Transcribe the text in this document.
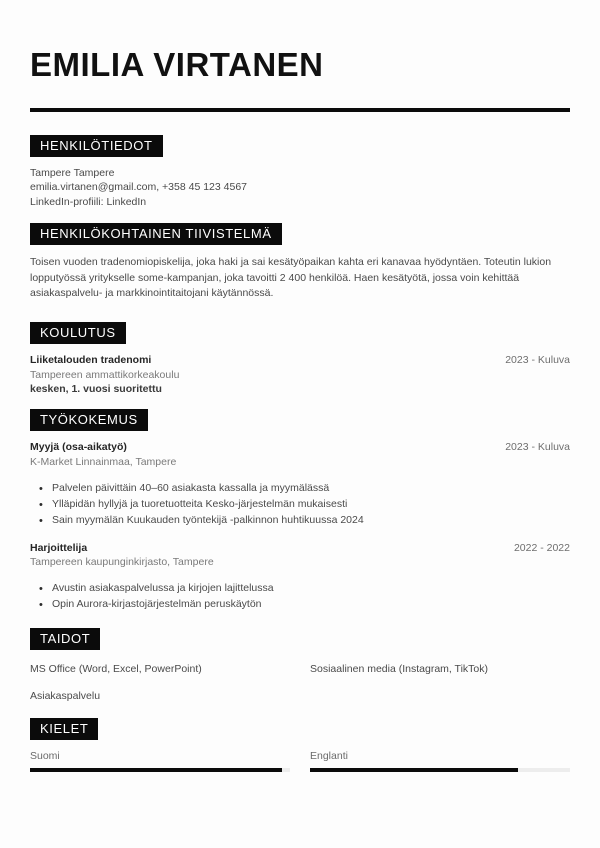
EMILIA VIRTANEN
HENKILÖTIEDOT
Tampere Tampere
emilia.virtanen@gmail.com, +358 45 123 4567
LinkedIn-profiili: LinkedIn
HENKILÖKOHTAINEN TIIVISTELMÄ

Toisen vuoden tradenomiopiskelija, joka haki ja sai kesätyöpaikan kahta eri kanavaa hyödyntäen. Toteutin lukion lopputyössä yritykselle some-kampanjan, joka tavoitti 2 400 henkilöä. Haen kesätyötä, jossa voin kehittää asiakaspalvelu- ja markkinointitaitojani käytännössä.

KOULUTUS
Liiketalouden tradenomi	2023 - Kuluva
Tampereen ammattikorkeakoulu
kesken, 1. vuosi suoritettu
TYÖKOKEMUS
Myyjä (osa-aikatyö)	2023 - Kuluva
K-Market Linnainmaa, Tampere
• Palvelen päivittäin 40–60 asiakasta kassalla ja myymälässä
• Ylläpidän hyllyjä ja tuoretuotteita Kesko-järjestelmän mukaisesti
• Sain myymälän Kuukauden työntekijä -palkinnon huhtikuussa 2024
Harjoittelija	2022 - 2022
Tampereen kaupunginkirjasto, Tampere
• Avustin asiakaspalvelussa ja kirjojen lajittelussa
• Opin Aurora-kirjastojärjestelmän peruskäytön
TAIDOT
MS Office (Word, Excel, PowerPoint)	Sosiaalinen media (Instagram, TikTok)
Asiakaspalvelu
KIELET
Suomi	Englanti
